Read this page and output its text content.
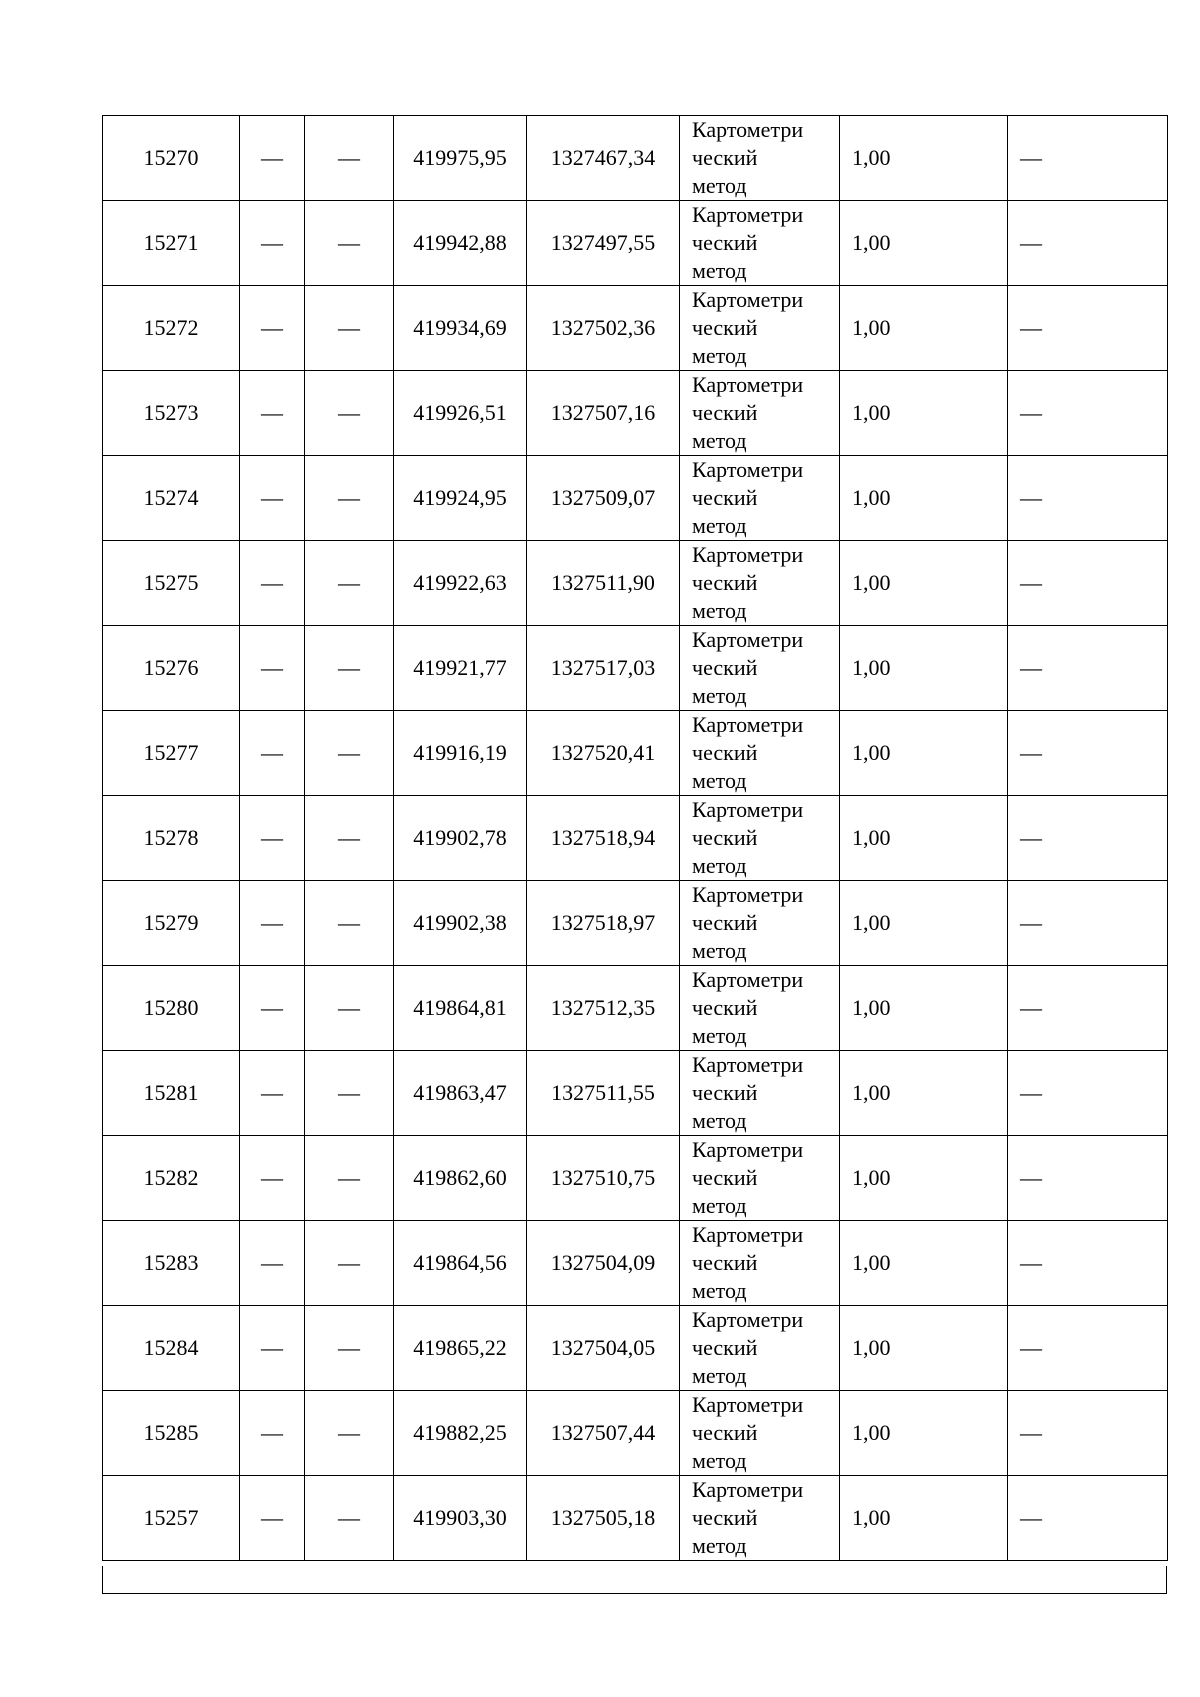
15270	—	—	419975,95	1327467,34	Картометри
ческий
метод	1,00	—
15271	—	—	419942,88	1327497,55	Картометри
ческий
метод	1,00	—
15272	—	—	419934,69	1327502,36	Картометри
ческий
метод	1,00	—
15273	—	—	419926,51	1327507,16	Картометри
ческий
метод	1,00	—
15274	—	—	419924,95	1327509,07	Картометри
ческий
метод	1,00	—
15275	—	—	419922,63	1327511,90	Картометри
ческий
метод	1,00	—
15276	—	—	419921,77	1327517,03	Картометри
ческий
метод	1,00	—
15277	—	—	419916,19	1327520,41	Картометри
ческий
метод	1,00	—
15278	—	—	419902,78	1327518,94	Картометри
ческий
метод	1,00	—
15279	—	—	419902,38	1327518,97	Картометри
ческий
метод	1,00	—
15280	—	—	419864,81	1327512,35	Картометри
ческий
метод	1,00	—
15281	—	—	419863,47	1327511,55	Картометри
ческий
метод	1,00	—
15282	—	—	419862,60	1327510,75	Картометри
ческий
метод	1,00	—
15283	—	—	419864,56	1327504,09	Картометри
ческий
метод	1,00	—
15284	—	—	419865,22	1327504,05	Картометри
ческий
метод	1,00	—
15285	—	—	419882,25	1327507,44	Картометри
ческий
метод	1,00	—
15257	—	—	419903,30	1327505,18	Картометри
ческий
метод	1,00	—
